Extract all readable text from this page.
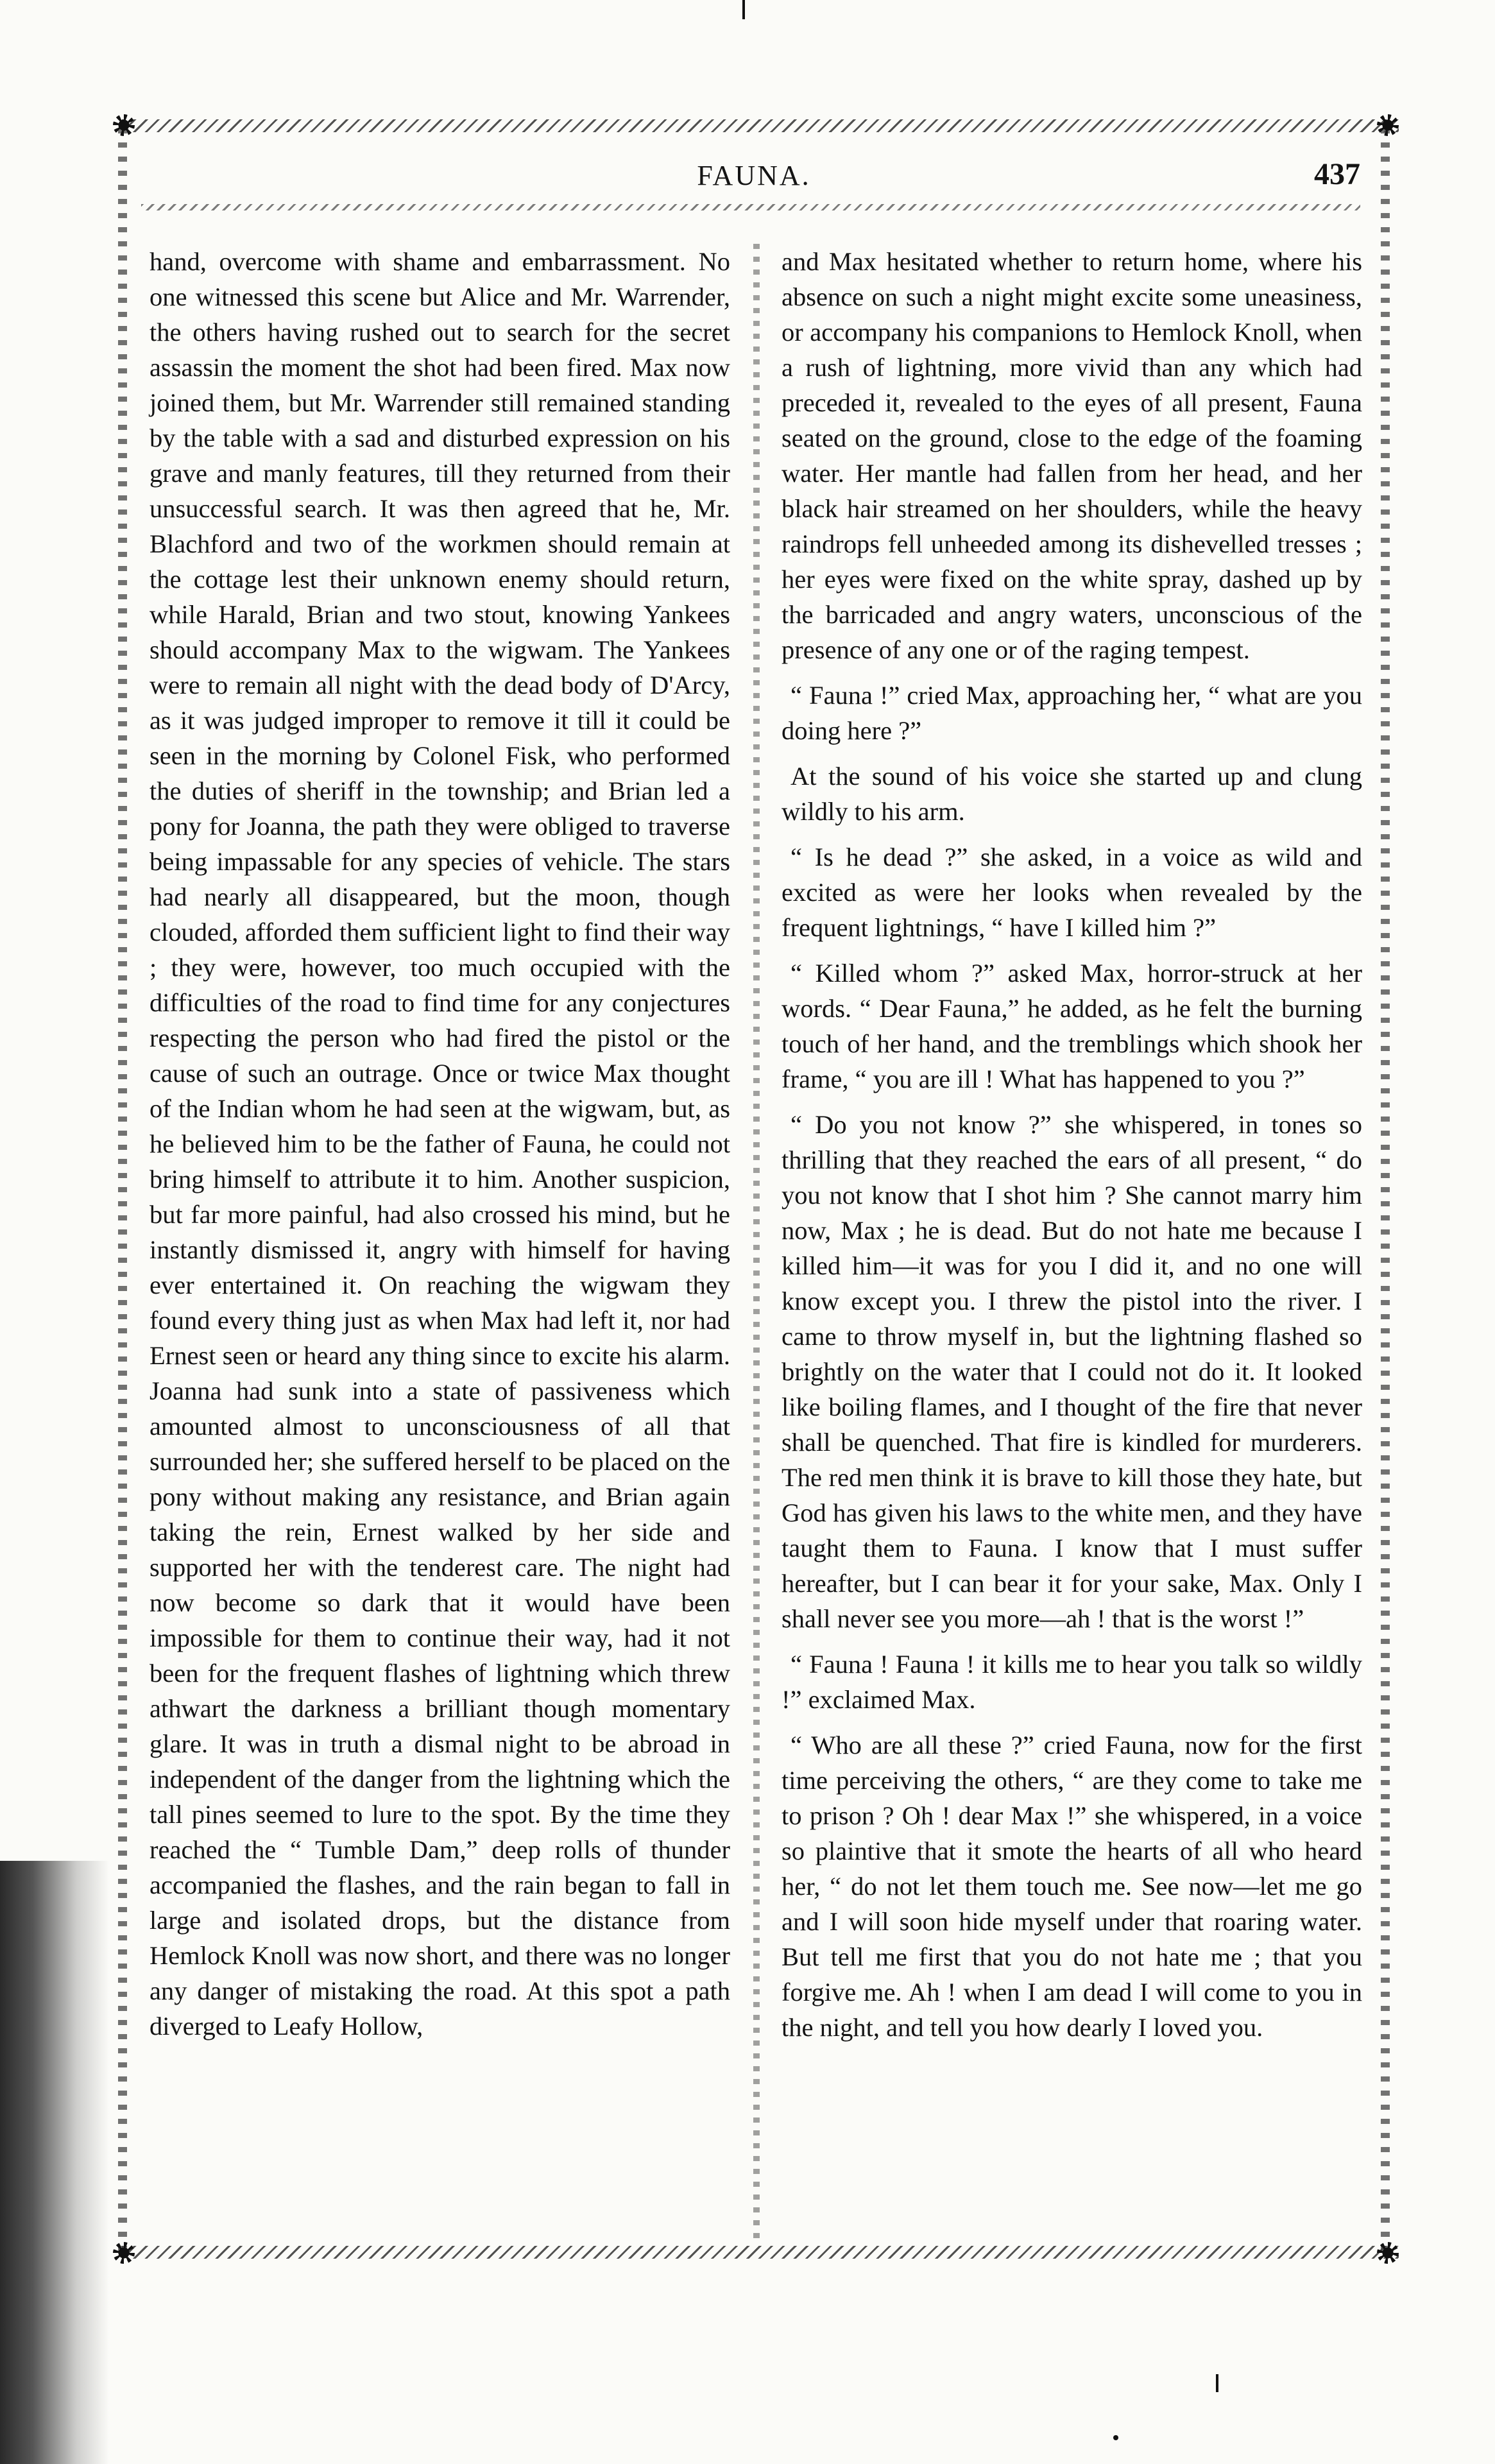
FAUNA.	437

hand, overcome with shame and embarrassment. No one witnessed this scene but Alice and Mr. Warrender, the others having rushed out to search for the secret assassin the moment the shot had been fired. Max now joined them, but Mr. Warrender still remained standing by the table with a sad and disturbed expression on his grave and manly features, till they returned from their unsuccessful search. It was then agreed that he, Mr. Blachford and two of the workmen should remain at the cottage lest their unknown enemy should return, while Harald, Brian and two stout, knowing Yankees should accompany Max to the wigwam. The Yankees were to remain all night with the dead body of D'Arcy, as it was judged improper to remove it till it could be seen in the morning by Colonel Fisk, who performed the duties of sheriff in the township; and Brian led a pony for Joanna, the path they were obliged to traverse being impassable for any species of vehicle. The stars had nearly all disappeared, but the moon, though clouded, afforded them sufficient light to find their way ; they were, however, too much occupied with the difficulties of the road to find time for any conjectures respecting the person who had fired the pistol or the cause of such an outrage. Once or twice Max thought of the Indian whom he had seen at the wigwam, but, as he believed him to be the father of Fauna, he could not bring himself to attribute it to him. Another suspicion, but far more painful, had also crossed his mind, but he instantly dismissed it, angry with himself for having ever entertained it. On reaching the wigwam they found every thing just as when Max had left it, nor had Ernest seen or heard any thing since to excite his alarm. Joanna had sunk into a state of passiveness which amounted almost to unconsciousness of all that surrounded her; she suffered herself to be placed on the pony without making any resistance, and Brian again taking the rein, Ernest walked by her side and supported her with the tenderest care. The night had now become so dark that it would have been impossible for them to continue their way, had it not been for the frequent flashes of lightning which threw athwart the darkness a brilliant though momentary glare. It was in truth a dismal night to be abroad in independent of the danger from the lightning which the tall pines seemed to lure to the spot. By the time they reached the “ Tumble Dam,” deep rolls of thunder accompanied the flashes, and the rain began to fall in large and isolated drops, but the distance from Hemlock Knoll was now short, and there was no longer any danger of mistaking the road. At this spot a path diverged to Leafy Hollow,

and Max hesitated whether to return home, where his absence on such a night might excite some uneasiness, or accompany his companions to Hemlock Knoll, when a rush of lightning, more vivid than any which had preceded it, revealed to the eyes of all present, Fauna seated on the ground, close to the edge of the foaming water. Her mantle had fallen from her head, and her black hair streamed on her shoulders, while the heavy raindrops fell unheeded among its dishevelled tresses ; her eyes were fixed on the white spray, dashed up by the barricaded and angry waters, unconscious of the presence of any one or of the raging tempest.

“ Fauna !” cried Max, approaching her, “ what are you doing here ?”

At the sound of his voice she started up and clung wildly to his arm.

“ Is he dead ?” she asked, in a voice as wild and excited as were her looks when revealed by the frequent lightnings, “ have I killed him ?”

“ Killed whom ?” asked Max, horror-struck at her words. “ Dear Fauna,” he added, as he felt the burning touch of her hand, and the tremblings which shook her frame, “ you are ill ! What has happened to you ?”

“ Do you not know ?” she whispered, in tones so thrilling that they reached the ears of all present, “ do you not know that I shot him ? She cannot marry him now, Max ; he is dead. But do not hate me because I killed him—it was for you I did it, and no one will know except you. I threw the pistol into the river. I came to throw myself in, but the lightning flashed so brightly on the water that I could not do it. It looked like boiling flames, and I thought of the fire that never shall be quenched. That fire is kindled for murderers. The red men think it is brave to kill those they hate, but God has given his laws to the white men, and they have taught them to Fauna. I know that I must suffer hereafter, but I can bear it for your sake, Max. Only I shall never see you more—ah ! that is the worst !”

“ Fauna ! Fauna ! it kills me to hear you talk so wildly !” exclaimed Max.

“ Who are all these ?” cried Fauna, now for the first time perceiving the others, “ are they come to take me to prison ? Oh ! dear Max !” she whispered, in a voice so plaintive that it smote the hearts of all who heard her, “ do not let them touch me. See now—let me go and I will soon hide myself under that roaring water. But tell me first that you do not hate me ; that you forgive me. Ah ! when I am dead I will come to you in the night, and tell you how dearly I loved you.
